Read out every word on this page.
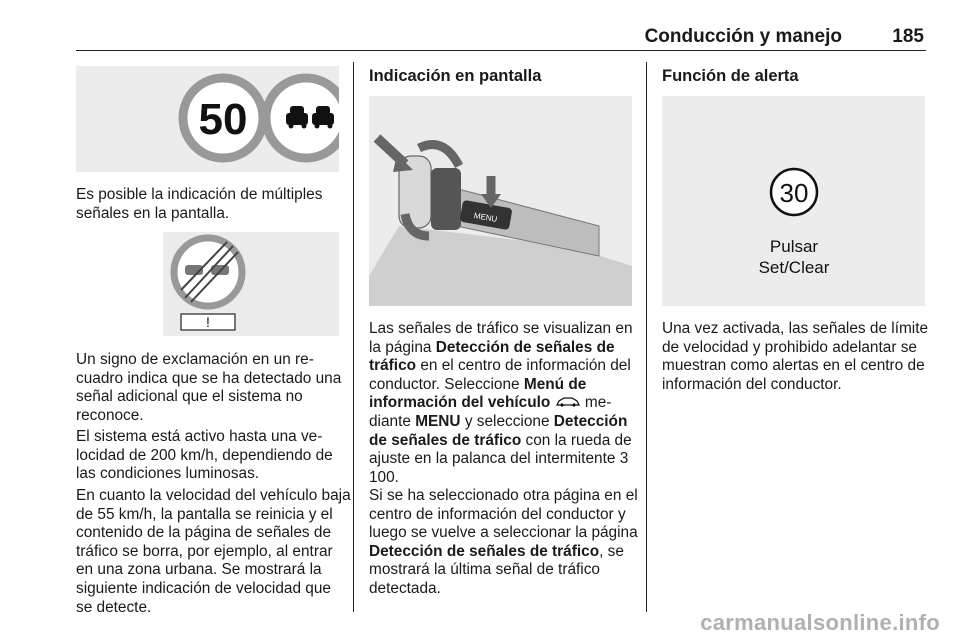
Conducción y manejo	185
50

Es posible la indicación de múltiples señales en la pantalla.

!

Un signo de exclamación en un recuadro indica que se ha detectado una señal adicional que el sistema no reconoce.

El sistema está activo hasta una velocidad de 200 km/h, dependiendo de las condiciones luminosas.

En cuanto la velocidad del vehículo baja de 55 km/h, la pantalla se reinicia y el contenido de la página de señales de tráfico se borra, por ejemplo, al entrar en una zona urbana. Se mostrará la siguiente indicación de velocidad que se detecte.

Indicación en pantalla
MENU

Las señales de tráfico se visualizan en la página Detección de señales de tráfico en el centro de información del conductor. Seleccione Menú de información del vehículo  mediante MENU y seleccione Detección de señales de tráfico con la rueda de ajuste en la palanca del intermitente 3 100.

Si se ha seleccionado otra página en el centro de información del conductor y luego se vuelve a seleccionar la página Detección de señales de tráfico, se mostrará la última señal de tráfico detectada.

Función de alerta
30
Pulsar
Set/Clear

Una vez activada, las señales de límite de velocidad y prohibido adelantar se muestran como alertas en el centro de información del conductor.

carmanualsonline.info
